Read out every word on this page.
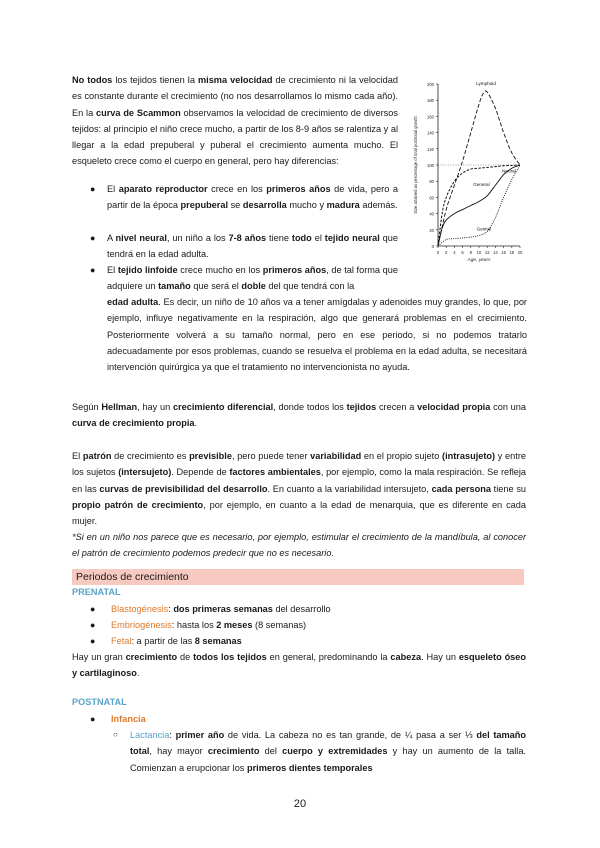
No todos los tejidos tienen la misma velocidad de crecimiento ni la velocidad es constante durante el crecimiento (no nos desarrollamos lo mismo cada año). En la curva de Scammon observamos la velocidad de crecimiento de diversos tejidos: al principio el niño crece mucho, a partir de los 8-9 años se ralentiza y al llegar a la edad prepuberal y puberal el crecimiento aumenta mucho. El esqueleto crece como el cuerpo en general, pero hay diferencias:

0
20
40
60
80
100
120
140
160
180
200
0 2 4 6 8 10 12 14 16 18 20
Age, years
Size attained as percentage of total postnatal growth
Lymphoid
Neural
General
Genital
● El aparato reproductor crece en los primeros años de vida, pero a partir de la época prepuberal se desarrolla mucho y madura además.

● A nivel neural, un niño a los 7-8 años tiene todo el tejido neural que tendrá en la edad adulta.

● El tejido linfoide crece mucho en los primeros años, de tal forma que adquiere un tamaño que será el doble del que tendrá con la

edad adulta. Es decir, un niño de 10 años va a tener amígdalas y adenoides muy grandes, lo que, por ejemplo, influye negativamente en la respiración, algo que generará problemas en el crecimiento. Posteriormente volverá a su tamaño normal, pero en ese periodo, si no podemos tratarlo adecuadamente por esos problemas, cuando se resuelva el problema en la edad adulta, se necesitará intervención quirúrgica ya que el tratamiento no intervencionista no ayuda.

Según Hellman, hay un crecimiento diferencial, donde todos los tejidos crecen a velocidad propia con una curva de crecimiento propia.

El patrón de crecimiento es previsible, pero puede tener variabilidad en el propio sujeto (intrasujeto) y entre los sujetos (intersujeto). Depende de factores ambientales, por ejemplo, como la mala respiración. Se refleja en las curvas de previsibilidad del desarrollo. En cuanto a la variabilidad intersujeto, cada persona tiene su propio patrón de crecimiento, por ejemplo, en cuanto a la edad de menarquia, que es diferente en cada mujer.

*Si en un niño nos parece que es necesario, por ejemplo, estimular el crecimiento de la mandíbula, al conocer el patrón de crecimiento podemos predecir que no es necesario.

Periodos de crecimiento
PRENATAL
● Blastogénesis: dos primeras semanas del desarrollo

● Embriogénesis: hasta los 2 meses (8 semanas)

● Fetal: a partir de las 8 semanas

Hay un gran crecimiento de todos los tejidos en general, predominando la cabeza. Hay un esqueleto óseo y cartilaginoso.

POSTNATAL
● Infancia
○ Lactancia: primer año de vida. La cabeza no es tan grande, de ¼ pasa a ser ⅓ del tamaño total, hay mayor crecimiento del cuerpo y extremidades y hay un aumento de la talla. Comienzan a erupcionar los primeros dientes temporales

20
